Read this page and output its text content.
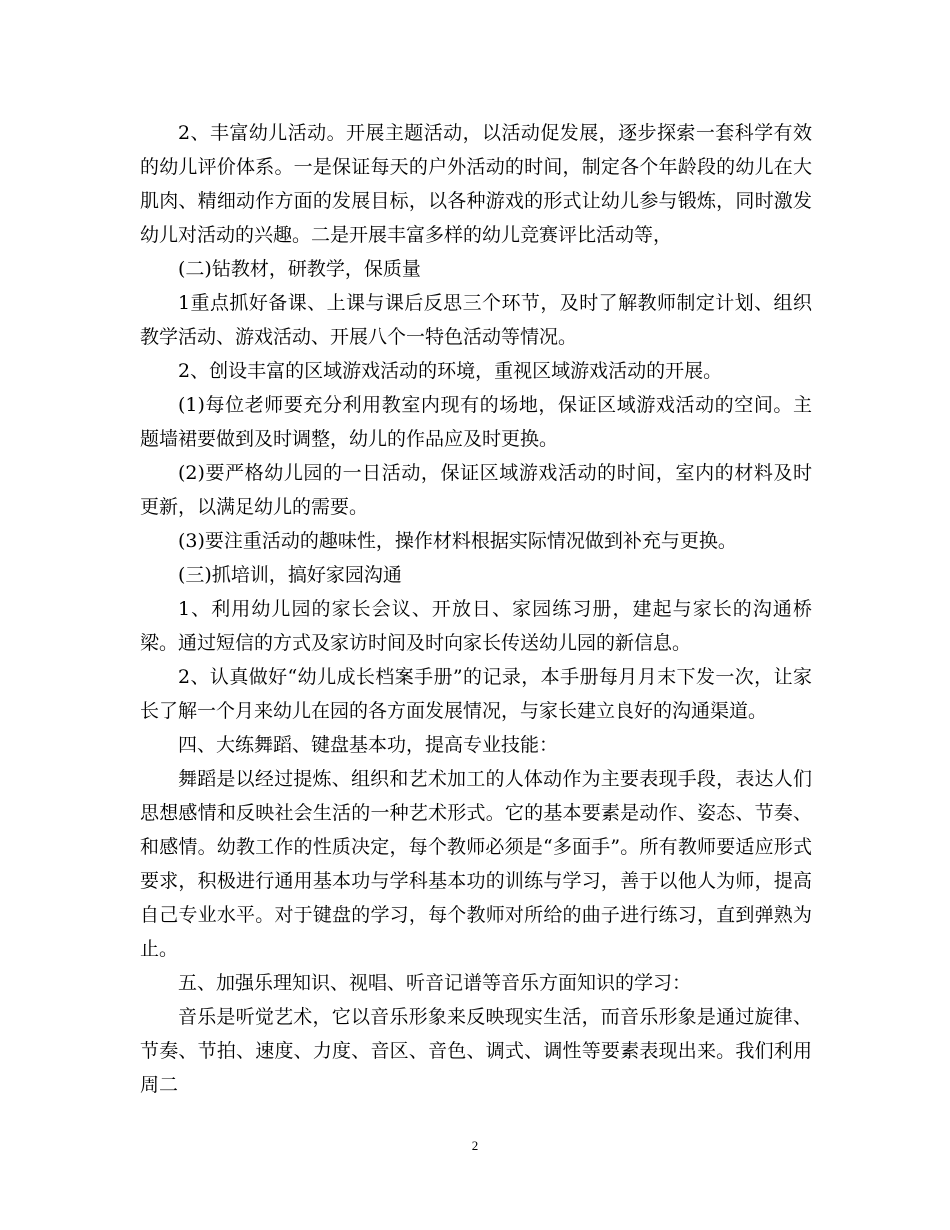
2、丰富幼儿活动。开展主题活动，以活动促发展，逐步探索一套科学有效的幼儿评价体系。一是保证每天的户外活动的时间，制定各个年龄段的幼儿在大肌肉、精细动作方面的发展目标，以各种游戏的形式让幼儿参与锻炼，同时激发幼儿对活动的兴趣。二是开展丰富多样的幼儿竞赛评比活动等，

(二)钻教材，研教学，保质量

1重点抓好备课、上课与课后反思三个环节，及时了解教师制定计划、组织教学活动、游戏活动、开展八个一特色活动等情况。

2、创设丰富的区域游戏活动的环境，重视区域游戏活动的开展。

(1)每位老师要充分利用教室内现有的场地，保证区域游戏活动的空间。主题墙裙要做到及时调整，幼儿的作品应及时更换。

(2)要严格幼儿园的一日活动，保证区域游戏活动的时间，室内的材料及时更新，以满足幼儿的需要。

(3)要注重活动的趣味性，操作材料根据实际情况做到补充与更换。

(三)抓培训，搞好家园沟通

1、利用幼儿园的家长会议、开放日、家园练习册，建起与家长的沟通桥梁。通过短信的方式及家访时间及时向家长传送幼儿园的新信息。

2、认真做好“幼儿成长档案手册”的记录，本手册每月月末下发一次，让家长了解一个月来幼儿在园的各方面发展情况，与家长建立良好的沟通渠道。

四、大练舞蹈、键盘基本功，提高专业技能：

舞蹈是以经过提炼、组织和艺术加工的人体动作为主要表现手段，表达人们思想感情和反映社会生活的一种艺术形式。它的基本要素是动作、姿态、节奏、和感情。幼教工作的性质决定，每个教师必须是“多面手”。所有教师要适应形式要求，积极进行通用基本功与学科基本功的训练与学习，善于以他人为师，提高自己专业水平。对于键盘的学习，每个教师对所给的曲子进行练习，直到弹熟为止。

五、加强乐理知识、视唱、听音记谱等音乐方面知识的学习：

音乐是听觉艺术，它以音乐形象来反映现实生活，而音乐形象是通过旋律、节奏、节拍、速度、力度、音区、音色、调式、调性等要素表现出来。我们利用周二

2
